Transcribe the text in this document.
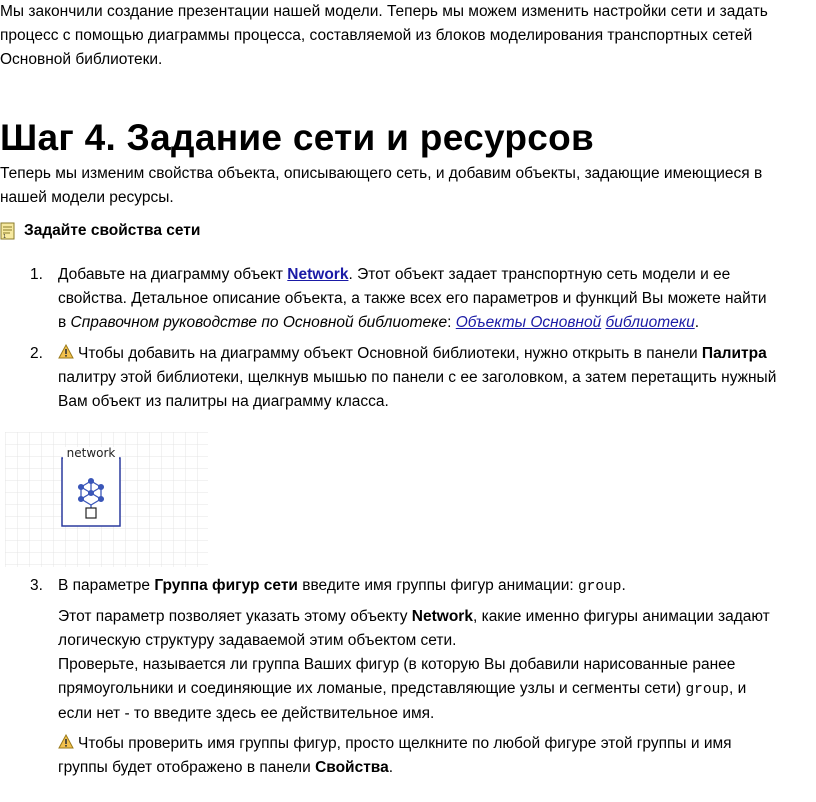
Мы закончили создание презентации нашей модели. Теперь мы можем изменить настройки сети и задать процесс с помощью диаграммы процесса, составляемой из блоков моделирования транспортных сетей Основной библиотеки.
Шаг 4. Задание сети и ресурсов
Теперь мы изменим свойства объекта, описывающего сеть, и добавим объекты, задающие имеющиеся в нашей модели ресурсы.
1 Задайте свойства сети
1. Добавьте на диаграмму объект Network. Этот объект задает транспортную сеть модели и ее свойства. Детальное описание объекта, а также всех его параметров и функций Вы можете найти в Справочном руководстве по Основной библиотеке: Объекты Основной библиотеки.
2.	Чтобы добавить на диаграмму объект Основной библиотеки, нужно открыть в панели Палитра палитру этой библиотеки, щелкнув мышью по панели с ее заголовком, а затем перетащить нужный Вам объект из палитры на диаграмму класса.
network
3. В параметре Группа фигур сети введите имя группы фигур анимации: group.
Этот параметр позволяет указать этому объекту Network, какие именно фигуры анимации задают логическую структуру задаваемой этим объектом сети.
Проверьте, называется ли группа Ваших фигур (в которую Вы добавили нарисованные ранее прямоугольники и соединяющие их ломаные, представляющие узлы и сегменты сети) group, и если нет - то введите здесь ее действительное имя.
Чтобы проверить имя группы фигур, просто щелкните по любой фигуре этой группы и имя группы будет отображено в панели Свойства.
